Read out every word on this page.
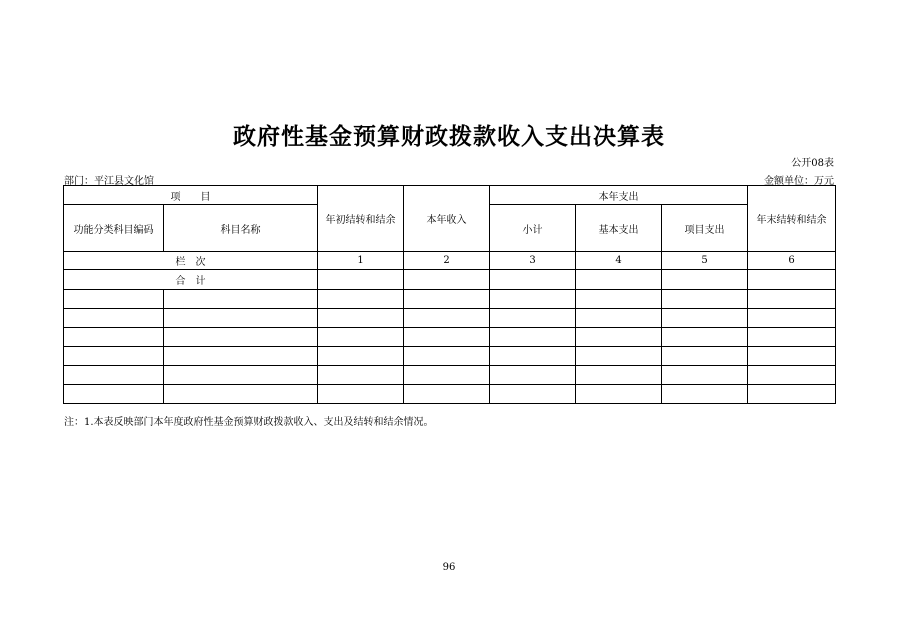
政府性基金预算财政拨款收入支出决算表
公开08表
部门：平江县文化馆	金额单位：万元
项　　目		年初结转和结余	本年收入	本年支出			年末结转和结余
功能分类科目编码	科目名称			小计	基本支出	项目支出	
栏　次		1	2	3	4	5	6
合　计							

注：1.本表反映部门本年度政府性基金预算财政拨款收入、支出及结转和结余情况。
96
